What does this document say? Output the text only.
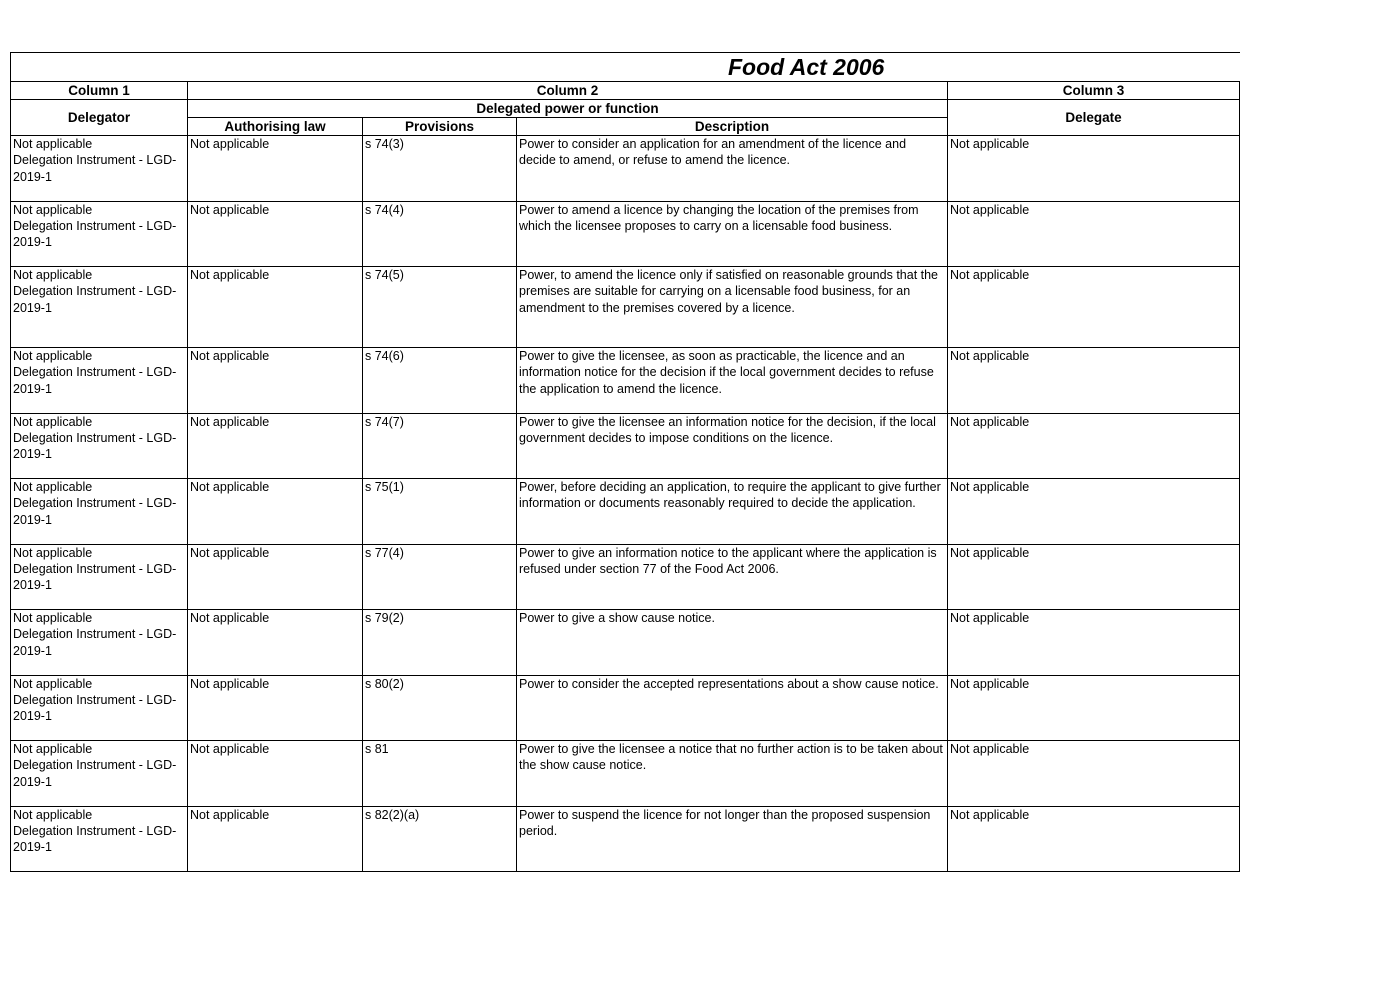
Food Act 2006				

Column 1	Column 2			Column 3
Delegator	Delegated power or function			Delegate
	Authorising law	Provisions	Description	

Not applicable
Delegation Instrument - LGD-
2019-1	Not applicable	s 74(3)	Power to consider an application for an amendment of the licence and decide to amend, or refuse to amend the licence.	Not applicable

Not applicable
Delegation Instrument - LGD-
2019-1	Not applicable	s 74(4)	Power to amend a licence by changing the location of the premises from which the licensee proposes to carry on a licensable food business.	Not applicable

Not applicable
Delegation Instrument - LGD-
2019-1	Not applicable	s 74(5)	Power, to amend the licence only if satisfied on reasonable grounds that the premises are suitable for carrying on a licensable food business, for an amendment to the premises covered by a licence.	Not applicable

Not applicable
Delegation Instrument - LGD-
2019-1	Not applicable	s 74(6)	Power to give the licensee, as soon as practicable, the licence and an information notice for the decision if the local government decides to refuse the application to amend the licence.	Not applicable

Not applicable
Delegation Instrument - LGD-
2019-1	Not applicable	s 74(7)	Power to give the licensee an information notice for the decision, if the local government decides to impose conditions on the licence.	Not applicable

Not applicable
Delegation Instrument - LGD-
2019-1	Not applicable	s 75(1)	Power, before deciding an application, to require the applicant to give further information or documents reasonably required to decide the application.	Not applicable

Not applicable
Delegation Instrument - LGD-
2019-1	Not applicable	s 77(4)	Power to give an information notice to the applicant where the application is refused under section 77 of the Food Act 2006.	Not applicable

Not applicable
Delegation Instrument - LGD-
2019-1	Not applicable	s 79(2)	Power to give a show cause notice.	Not applicable

Not applicable
Delegation Instrument - LGD-
2019-1	Not applicable	s 80(2)	Power to consider the accepted representations about a show cause notice.	Not applicable

Not applicable
Delegation Instrument - LGD-
2019-1	Not applicable	s 81	Power to give the licensee a notice that no further action is to be taken about the show cause notice.	Not applicable

Not applicable
Delegation Instrument - LGD-
2019-1	Not applicable	s 82(2)(a)	Power to suspend the licence for not longer than the proposed suspension period.	Not applicable
